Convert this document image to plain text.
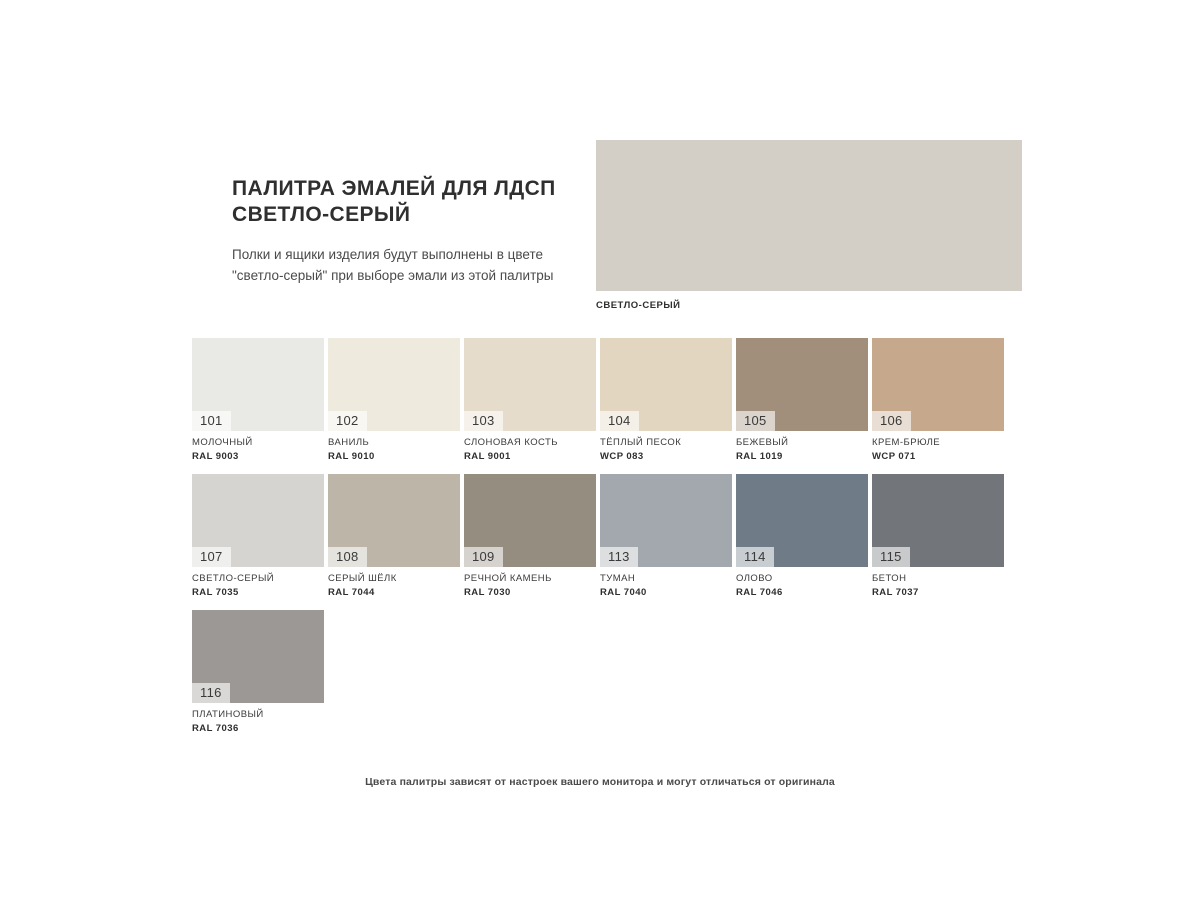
ПАЛИТРА ЭМАЛЕЙ ДЛЯ ЛДСП СВЕТЛО-СЕРЫЙ

Полки и ящики изделия будут выполнены в цвете "светло-серый" при выборе эмали из этой палитры

СВЕТЛО-СЕРЫЙ
101
МОЛОЧНЫЙ
RAL 9003
102
ВАНИЛЬ
RAL 9010
103
СЛОНОВАЯ КОСТЬ
RAL 9001
104
ТЁПЛЫЙ ПЕСОК
WCP 083
105
БЕЖЕВЫЙ
RAL 1019
106
КРЕМ-БРЮЛЕ
WCP 071
107
СВЕТЛО-СЕРЫЙ
RAL 7035
108
СЕРЫЙ ШЁЛК
RAL 7044
109
РЕЧНОЙ КАМЕНЬ
RAL 7030
113
ТУМАН
RAL 7040
114
ОЛОВО
RAL 7046
115
БЕТОН
RAL 7037
116
ПЛАТИНОВЫЙ
RAL 7036
Цвета палитры зависят от настроек вашего монитора и могут отличаться от оригинала
